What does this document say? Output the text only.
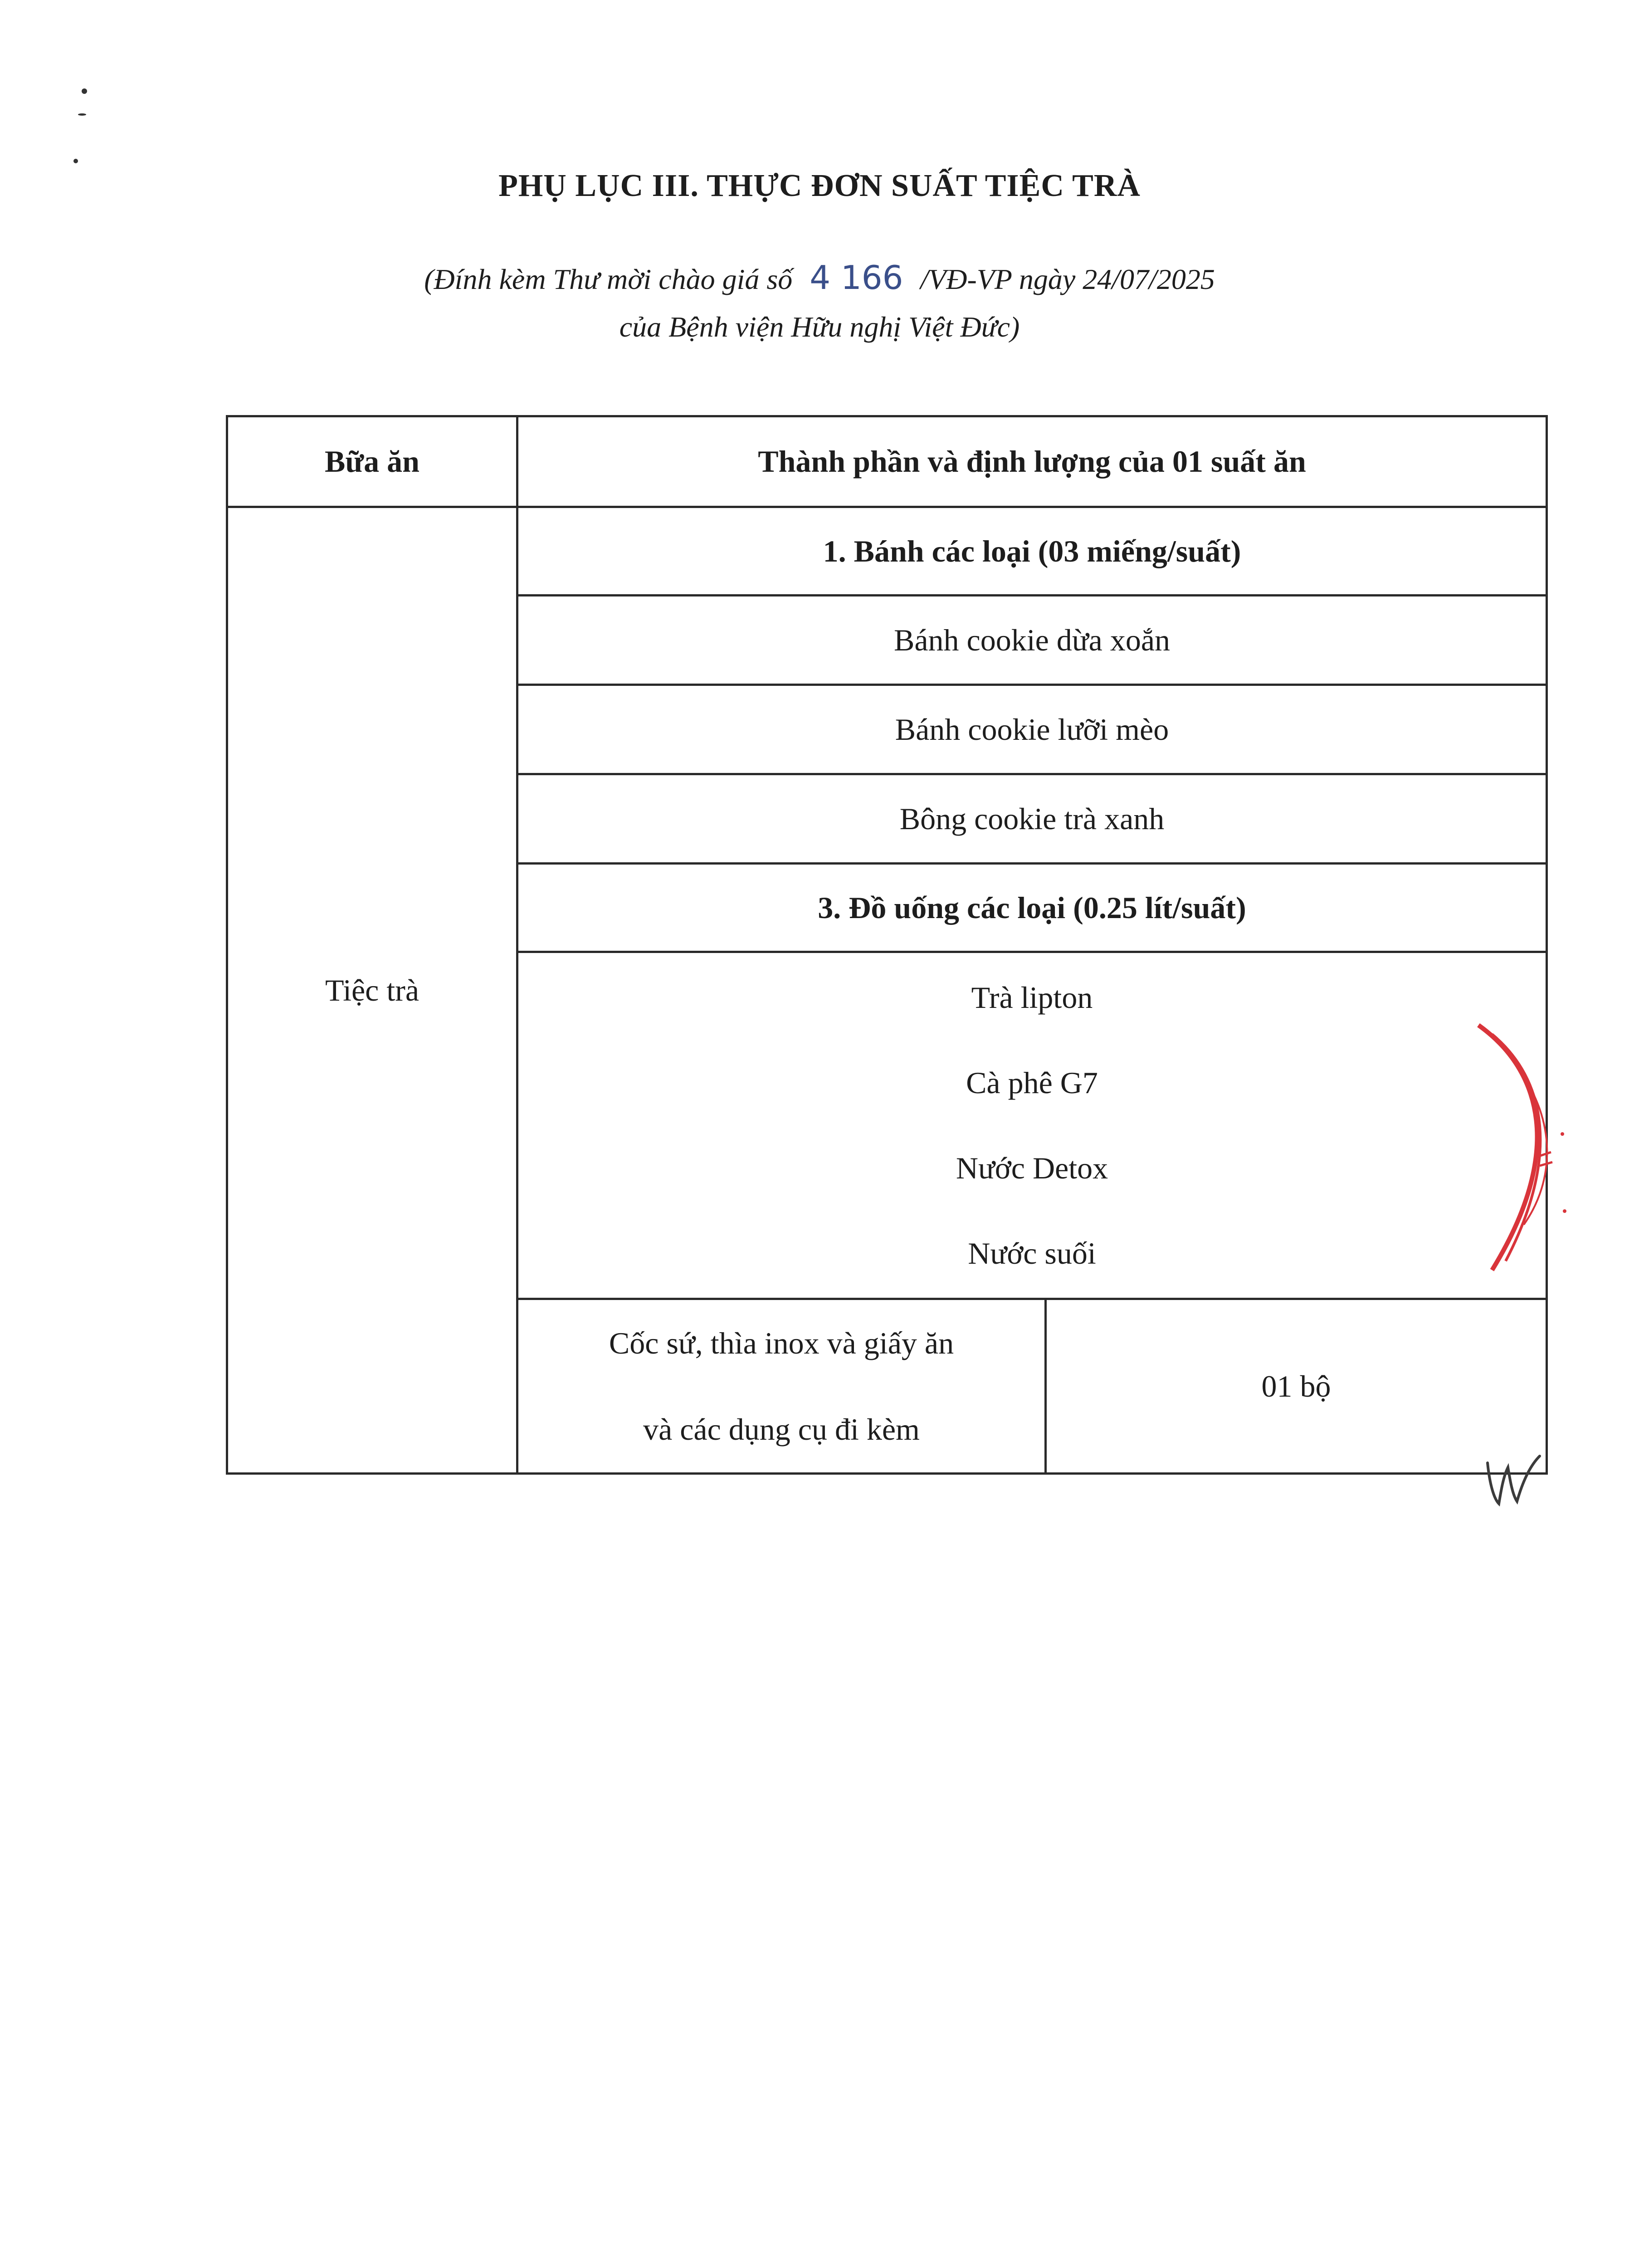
PHỤ LỤC III. THỰC ĐƠN SUẤT TIỆC TRÀ
(Đính kèm Thư mời chào giá số 4 166 /VĐ-VP ngày 24/07/2025
của Bệnh viện Hữu nghị Việt Đức)
Bữa ăn	Thành phần và định lượng của 01 suất ăn	
Tiệc trà	1. Bánh các loại (03 miếng/suất)	
	Bánh cookie dừa xoắn	
	Bánh cookie lưỡi mèo	
	Bông cookie trà xanh	
	3. Đồ uống các loại (0.25 lít/suất)	

	Trà lipton
Cà phê G7
Nước Detox
Nước suối	

	Cốc sứ, thìa inox và giấy ăn
và các dụng cụ đi kèm	01 bộ
